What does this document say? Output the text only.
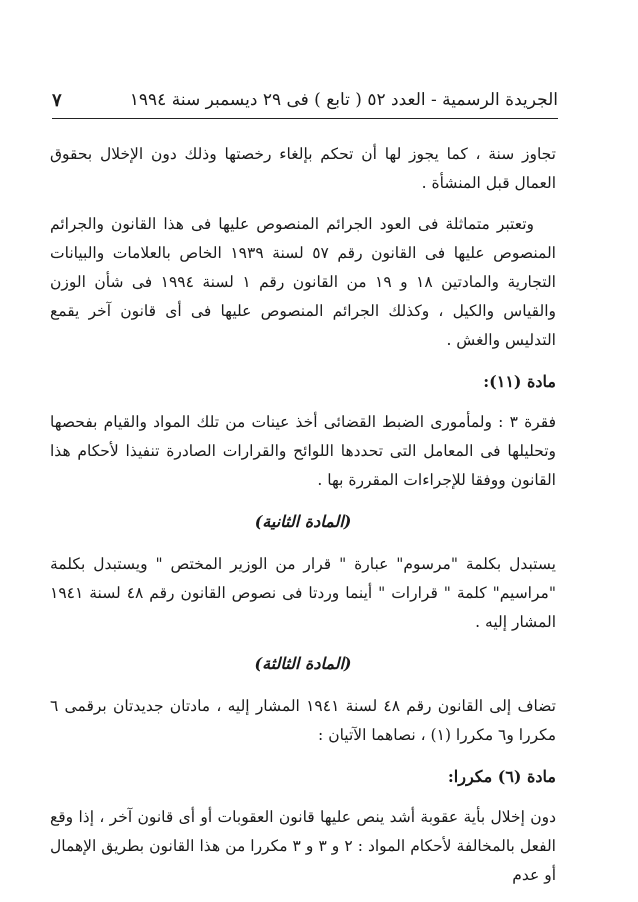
الجريدة الرسمية - العدد ٥٢ ( تابع ) فى ٢٩ ديسمبر سنة ١٩٩٤
٧

تجاوز سنة ، كما يجوز لها أن تحكم بإلغاء رخصتها وذلك دون الإخلال بحقوق العمال قبل المنشأة .

وتعتبر متماثلة فى العود الجرائم المنصوص عليها فى هذا القانون والجرائم المنصوص عليها فى القانون رقم ٥٧ لسنة ١٩٣٩ الخاص بالعلامات والبيانات التجارية والمادتين ١٨ و ١٩ من القانون رقم ١ لسنة ١٩٩٤ فى شأن الوزن والقياس والكيل ، وكذلك الجرائم المنصوص عليها فى أى قانون آخر يقمع التدليس والغش .

مادة (١١):

فقرة ٣ : ولمأمورى الضبط القضائى أخذ عينات من تلك المواد والقيام بفحصها وتحليلها فى المعامل التى تحددها اللوائح والقرارات الصادرة تنفيذا لأحكام هذا القانون ووفقا للإجراءات المقررة بها .

(المادة الثانية)

يستبدل بكلمة "مرسوم" عبارة " قرار من الوزير المختص " ويستبدل بكلمة "مراسيم" كلمة " قرارات " أينما وردتا فى نصوص القانون رقم ٤٨ لسنة ١٩٤١ المشار إليه .

(المادة الثالثة)

تضاف إلى القانون رقم ٤٨ لسنة ١٩٤١ المشار إليه ، مادتان جديدتان برقمى ٦ مكررا و٦ مكررا (١) ، نصاهما الآتيان :

مادة (٦) مكررا:

دون إخلال بأية عقوبة أشد ينص عليها قانون العقوبات أو أى قانون آخر ، إذا وقع الفعل بالمخالفة لأحكام المواد : ٢ و ٣ و ٣ مكررا من هذا القانون بطريق الإهمال أو عدم
